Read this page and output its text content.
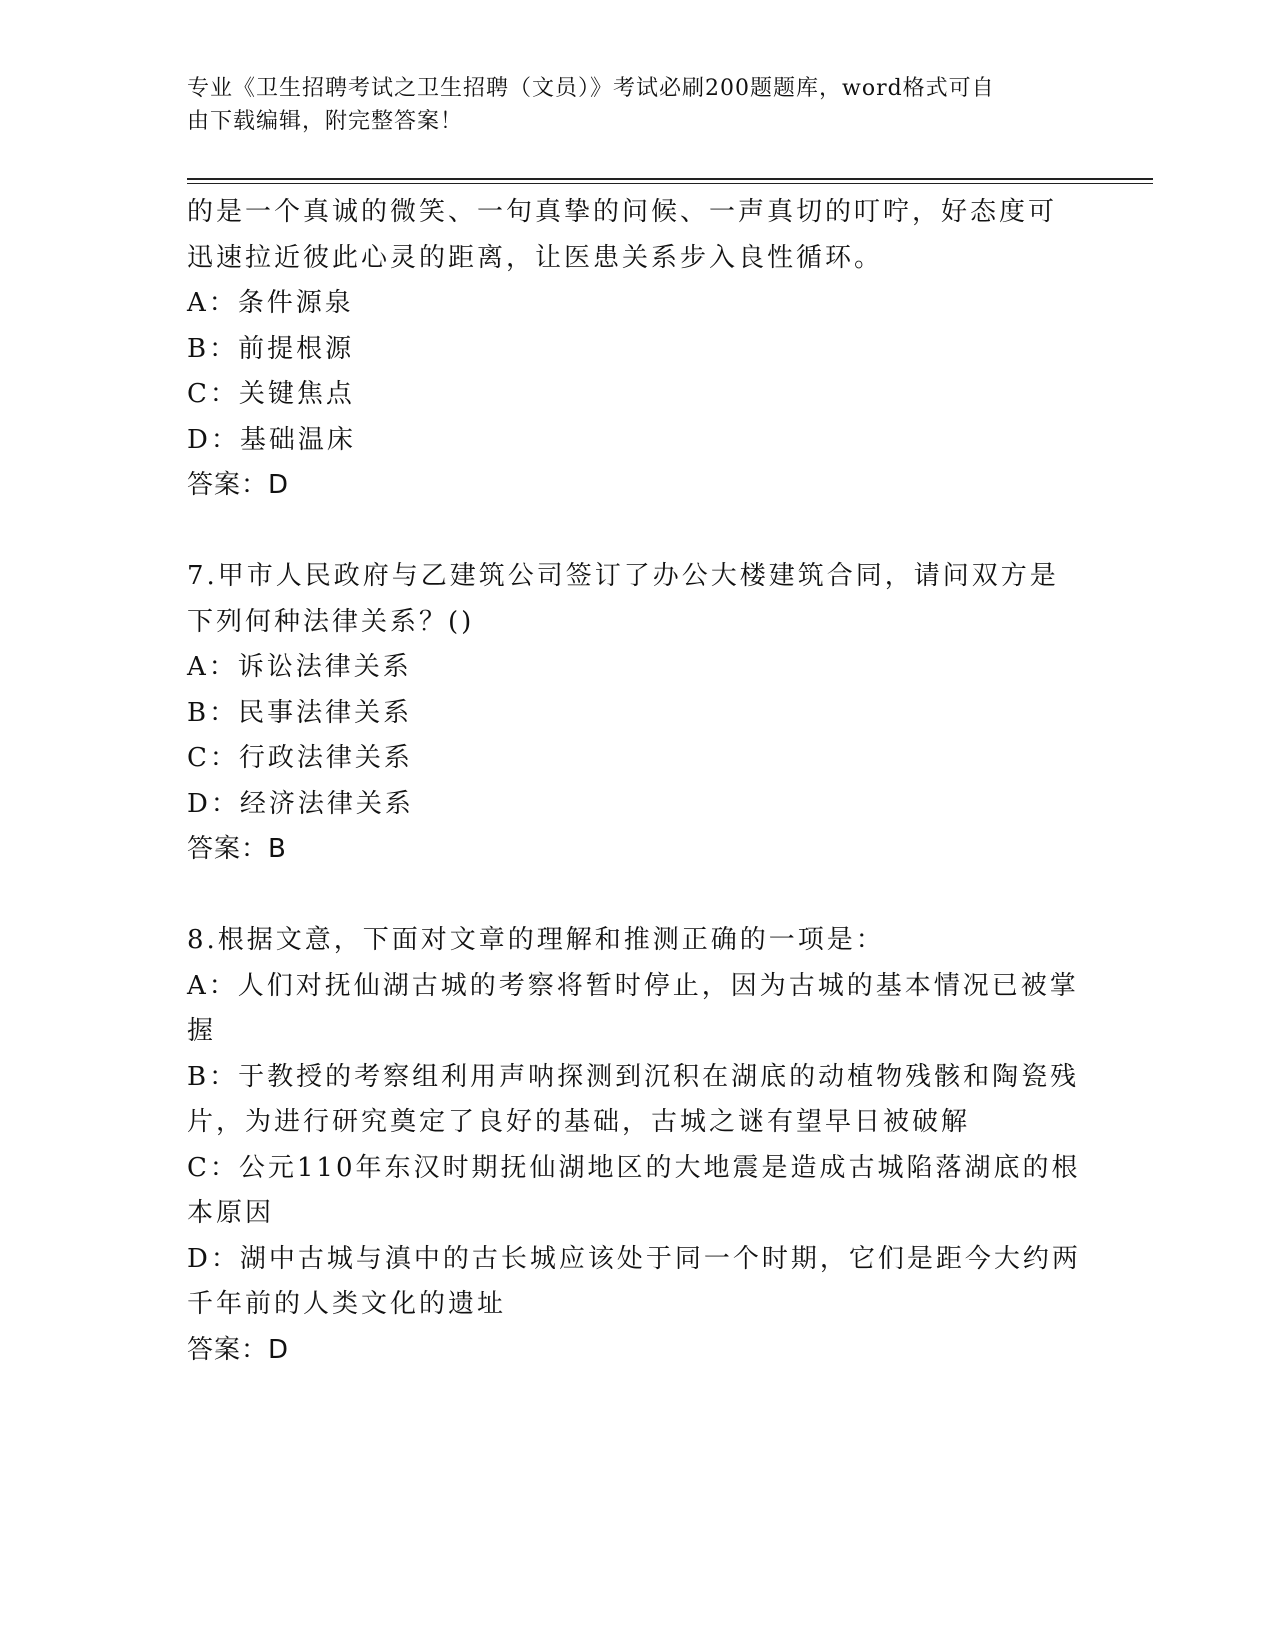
专业《卫生招聘考试之卫生招聘（文员）》考试必刷200题题库，word格式可自
由下载编辑，附完整答案！
的是一个真诚的微笑、一句真挚的问候、一声真切的叮咛，好态度可
迅速拉近彼此心灵的距离，让医患关系步入良性循环。
A：条件源泉
B：前提根源
C：关键焦点
D：基础温床
答案：D
7.甲市人民政府与乙建筑公司签订了办公大楼建筑合同，请问双方是
下列何种法律关系？()
A：诉讼法律关系
B：民事法律关系
C：行政法律关系
D：经济法律关系
答案：B
8.根据文意，下面对文章的理解和推测正确的一项是：
A：人们对抚仙湖古城的考察将暂时停止，因为古城的基本情况已被掌
握
B：于教授的考察组利用声呐探测到沉积在湖底的动植物残骸和陶瓷残
片，为进行研究奠定了良好的基础，古城之谜有望早日被破解
C：公元110年东汉时期抚仙湖地区的大地震是造成古城陷落湖底的根
本原因
D：湖中古城与滇中的古长城应该处于同一个时期，它们是距今大约两
千年前的人类文化的遗址
答案：D
